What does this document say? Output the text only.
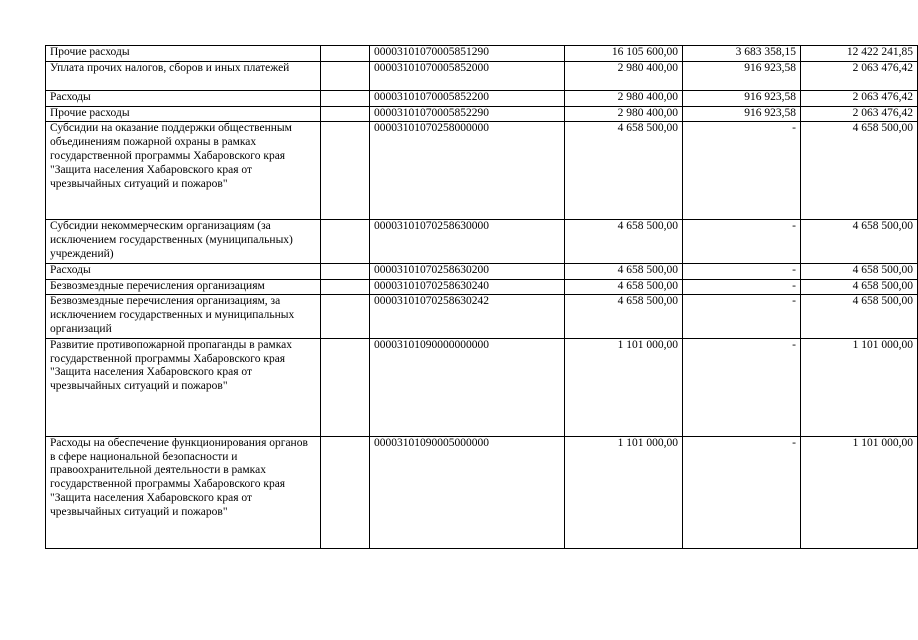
Прочие расходы		00003101070005851290	16 105 600,00	3 683 358,15	12 422 241,85
Уплата прочих налогов, сборов и иных платежей		00003101070005852000	2 980 400,00	916 923,58	2 063 476,42
Расходы		00003101070005852200	2 980 400,00	916 923,58	2 063 476,42
Прочие расходы		00003101070005852290	2 980 400,00	916 923,58	2 063 476,42
Субсидии на оказание поддержки общественным объединениям пожарной охраны в рамках государственной программы Хабаровского края "Защита населения Хабаровского края от чрезвычайных ситуаций и пожаров"		00003101070258000000	4 658 500,00	-	4 658 500,00
Субсидии некоммерческим организациям (за исключением государственных (муниципальных) учреждений)		00003101070258630000	4 658 500,00	-	4 658 500,00
Расходы		00003101070258630200	4 658 500,00	-	4 658 500,00
Безвозмездные перечисления организациям		00003101070258630240	4 658 500,00	-	4 658 500,00
Безвозмездные перечисления организациям, за исключением государственных и муниципальных организаций		00003101070258630242	4 658 500,00	-	4 658 500,00
Развитие противопожарной пропаганды в рамках государственной программы Хабаровского края "Защита населения Хабаровского края от чрезвычайных ситуаций и пожаров"		00003101090000000000	1 101 000,00	-	1 101 000,00
Расходы на обеспечение функционирования органов в сфере национальной безопасности и правоохранительной деятельности в рамках государственной программы Хабаровского края "Защита населения Хабаровского края от чрезвычайных ситуаций и пожаров"		00003101090005000000	1 101 000,00	-	1 101 000,00
